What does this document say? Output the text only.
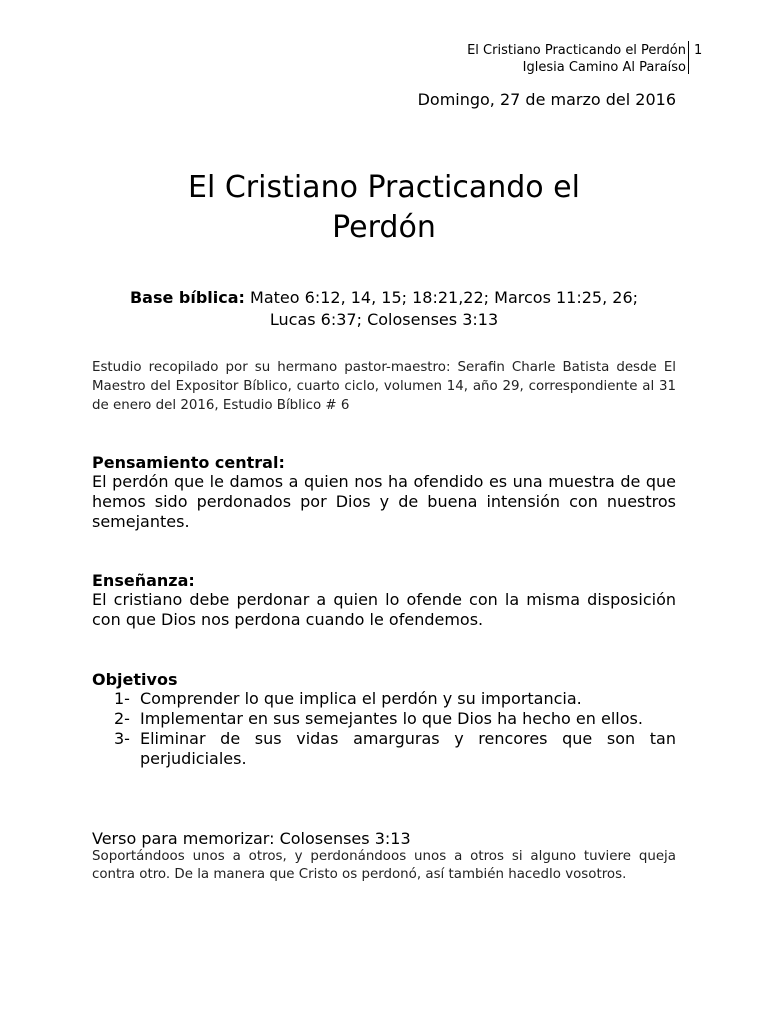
El Cristiano Practicando el Perdón
Iglesia Camino Al Paraíso
1
Domingo, 27 de marzo del 2016
El Cristiano Practicando el
Perdón
Base bíblica: Mateo 6:12, 14, 15; 18:21,22; Marcos 11:25, 26;
Lucas 6:37; Colosenses 3:13
Estudio recopilado por su hermano pastor-maestro: Serafin Charle Batista desde El Maestro del Expositor Bíblico, cuarto ciclo, volumen 14, año 29, correspondiente al 31 de enero del 2016, Estudio Bíblico # 6
Pensamiento central:
El perdón que le damos a quien nos ha ofendido es una muestra de que hemos sido perdonados por Dios y de buena intensión con nuestros semejantes.
Enseñanza:
El cristiano debe perdonar a quien lo ofende con la misma disposición con que Dios nos perdona cuando le ofendemos.
Objetivos
1- Comprender lo que implica el perdón y su importancia.
2- Implementar en sus semejantes lo que Dios ha hecho en ellos.
3- Eliminar de sus vidas amarguras y rencores que son tan perjudiciales.
Verso para memorizar: Colosenses 3:13
Soportándoos unos a otros, y perdonándoos unos a otros si alguno tuviere queja contra otro. De la manera que Cristo os perdonó, así también hacedlo vosotros.
